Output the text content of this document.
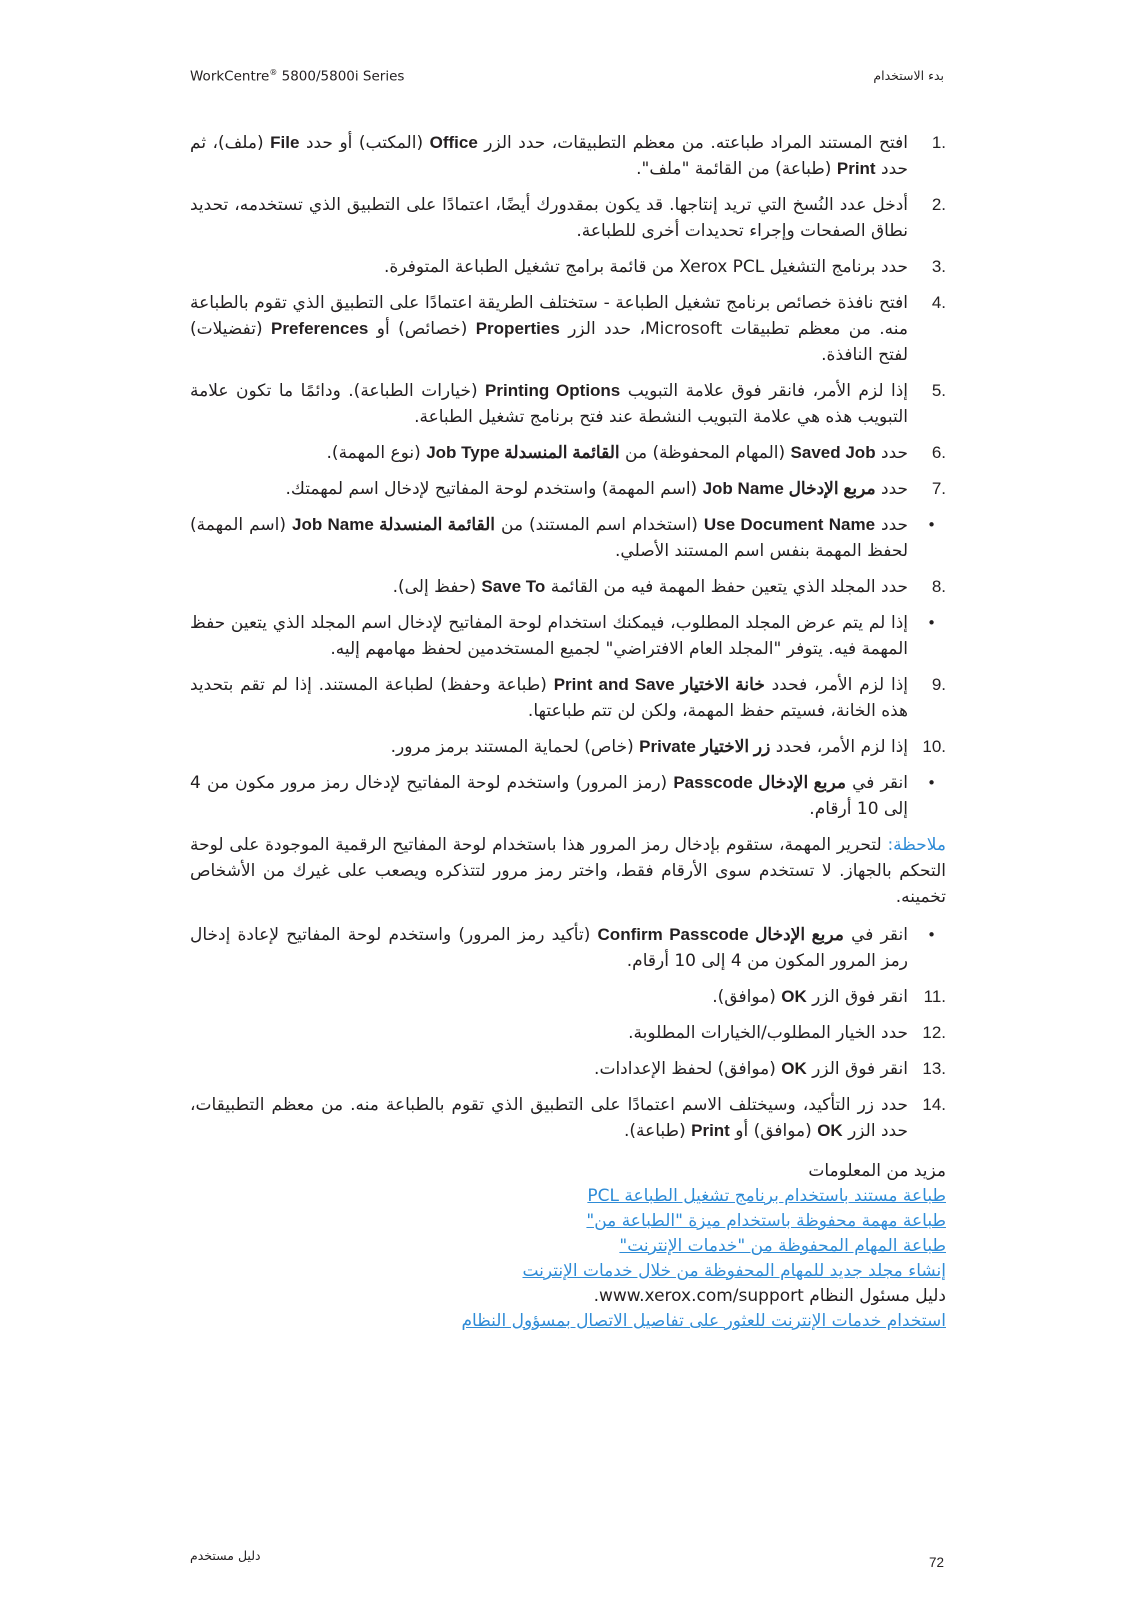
WorkCentre® 5800/5800i Series	بدء الاستخدام
1.
افتح المستند المراد طباعته. من معظم التطبيقات، حدد الزر Office (المكتب) أو حدد File (ملف)، ثم حدد Print (طباعة) من القائمة "ملف".
2.
أدخل عدد النُسخ التي تريد إنتاجها. قد يكون بمقدورك أيضًا، اعتمادًا على التطبيق الذي تستخدمه، تحديد نطاق الصفحات وإجراء تحديدات أخرى للطباعة.
3.
حدد برنامج التشغيل Xerox PCL من قائمة برامج تشغيل الطباعة المتوفرة.
4.
افتح نافذة خصائص برنامج تشغيل الطباعة - ستختلف الطريقة اعتمادًا على التطبيق الذي تقوم بالطباعة منه. من معظم تطبيقات Microsoft، حدد الزر Properties (خصائص) أو Preferences (تفضيلات) لفتح النافذة.
5.
إذا لزم الأمر، فانقر فوق علامة التبويب Printing Options (خيارات الطباعة). ودائمًا ما تكون علامة التبويب هذه هي علامة التبويب النشطة عند فتح برنامج تشغيل الطباعة.
6.
حدد Saved Job (المهام المحفوظة) من القائمة المنسدلة Job Type (نوع المهمة).
7.
حدد مربع الإدخال Job Name (اسم المهمة) واستخدم لوحة المفاتيح لإدخال اسم لمهمتك.
•
حدد Use Document Name (استخدام اسم المستند) من القائمة المنسدلة Job Name (اسم المهمة) لحفظ المهمة بنفس اسم المستند الأصلي.
8.
حدد المجلد الذي يتعين حفظ المهمة فيه من القائمة Save To (حفظ إلى).
•
إذا لم يتم عرض المجلد المطلوب، فيمكنك استخدام لوحة المفاتيح لإدخال اسم المجلد الذي يتعين حفظ المهمة فيه. يتوفر "المجلد العام الافتراضي" لجميع المستخدمين لحفظ مهامهم إليه.
9.
إذا لزم الأمر، فحدد خانة الاختيار Print and Save (طباعة وحفظ) لطباعة المستند. إذا لم تقم بتحديد هذه الخانة، فسيتم حفظ المهمة، ولكن لن تتم طباعتها.
10.
إذا لزم الأمر، فحدد زر الاختيار Private (خاص) لحماية المستند برمز مرور.
•
انقر في مربع الإدخال Passcode (رمز المرور) واستخدم لوحة المفاتيح لإدخال رمز مرور مكون من 4 إلى 10 أرقام.
ملاحظة: لتحرير المهمة، ستقوم بإدخال رمز المرور هذا باستخدام لوحة المفاتيح الرقمية الموجودة على لوحة التحكم بالجهاز. لا تستخدم سوى الأرقام فقط، واختر رمز مرور لتتذكره ويصعب على غيرك من الأشخاص تخمينه.
•
انقر في مربع الإدخال Confirm Passcode (تأكيد رمز المرور) واستخدم لوحة المفاتيح لإعادة إدخال رمز المرور المكون من 4 إلى 10 أرقام.
11.
انقر فوق الزر OK (موافق).
12.
حدد الخيار المطلوب/الخيارات المطلوبة.
13.
انقر فوق الزر OK (موافق) لحفظ الإعدادات.
14.
حدد زر التأكيد، وسيختلف الاسم اعتمادًا على التطبيق الذي تقوم بالطباعة منه. من معظم التطبيقات، حدد الزر OK (موافق) أو Print (طباعة).
مزيد من المعلومات
طباعة مستند باستخدام برنامج تشغيل الطباعة PCL
طباعة مهمة محفوظة باستخدام ميزة "الطباعة من"
طباعة المهام المحفوظة من "خدمات الإنترنت"
إنشاء مجلد جديد للمهام المحفوظة من خلال خدمات الإنترنت
دليل مسئول النظام www.xerox.com/support.
استخدام خدمات الإنترنت للعثور على تفاصيل الاتصال بمسؤول النظام
72
دليل مستخدم
